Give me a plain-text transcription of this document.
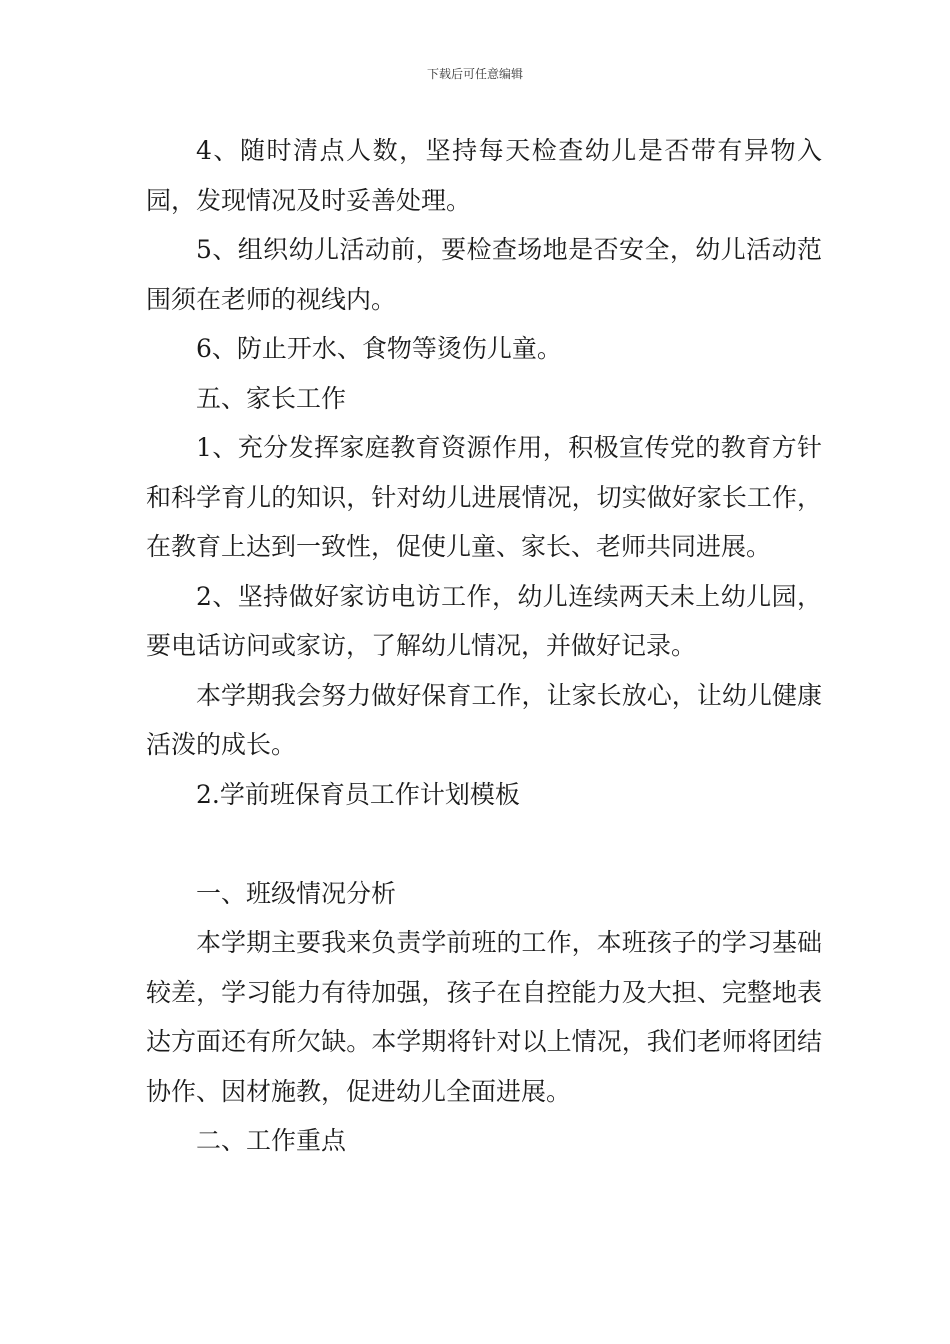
下载后可任意编辑

4、随时清点人数，坚持每天检查幼儿是否带有异物入园，发现情况及时妥善处理。

5、组织幼儿活动前，要检查场地是否安全，幼儿活动范围须在老师的视线内。

6、防止开水、食物等烫伤儿童。

五、家长工作

1、充分发挥家庭教育资源作用，积极宣传党的教育方针和科学育儿的知识，针对幼儿进展情况，切实做好家长工作，在教育上达到一致性，促使儿童、家长、老师共同进展。

2、坚持做好家访电访工作，幼儿连续两天未上幼儿园，要电话访问或家访，了解幼儿情况，并做好记录。

本学期我会努力做好保育工作，让家长放心，让幼儿健康活泼的成长。

2.学前班保育员工作计划模板

一、班级情况分析

本学期主要我来负责学前班的工作，本班孩子的学习基础较差，学习能力有待加强，孩子在自控能力及大担、完整地表达方面还有所欠缺。本学期将针对以上情况，我们老师将团结协作、因材施教，促进幼儿全面进展。

二、工作重点
